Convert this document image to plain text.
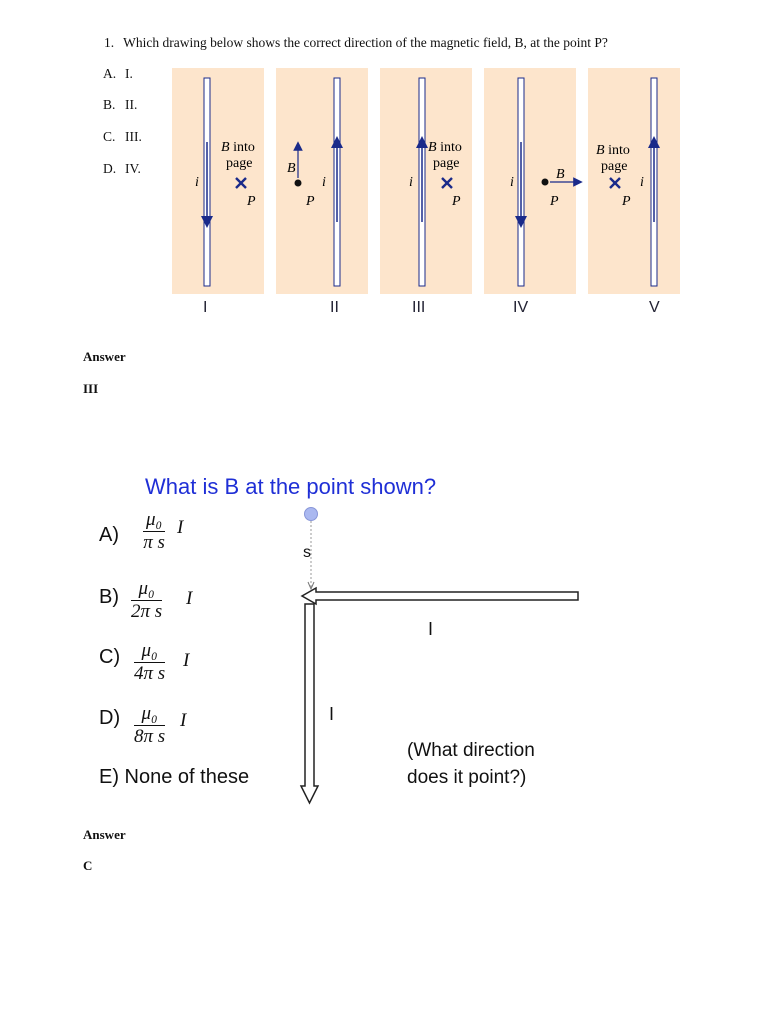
1. Which drawing below shows the correct direction of the magnetic field, B, at the point P?
A. I.
B. II.
C. III.
D. IV.
B into
page
i
P
B
i
P
B into
page
i
P
i
B
P
B into
page
i
P
I	II	III	IV	V
Answer
III
What is B at the point shown?
$A) \frac{\text{μ₀}}{\text{π s}}$ I
$B) \frac{\text{μ₀}}{\text{2π s}}$ I
$C) \frac{\text{μ₀}}{\text{4π s}}$ I
$D) \frac{\text{μ₀}}{\text{8π s}}$ I
E) None of these
s
I
I
(What direction
does it point?)
Answer
C
